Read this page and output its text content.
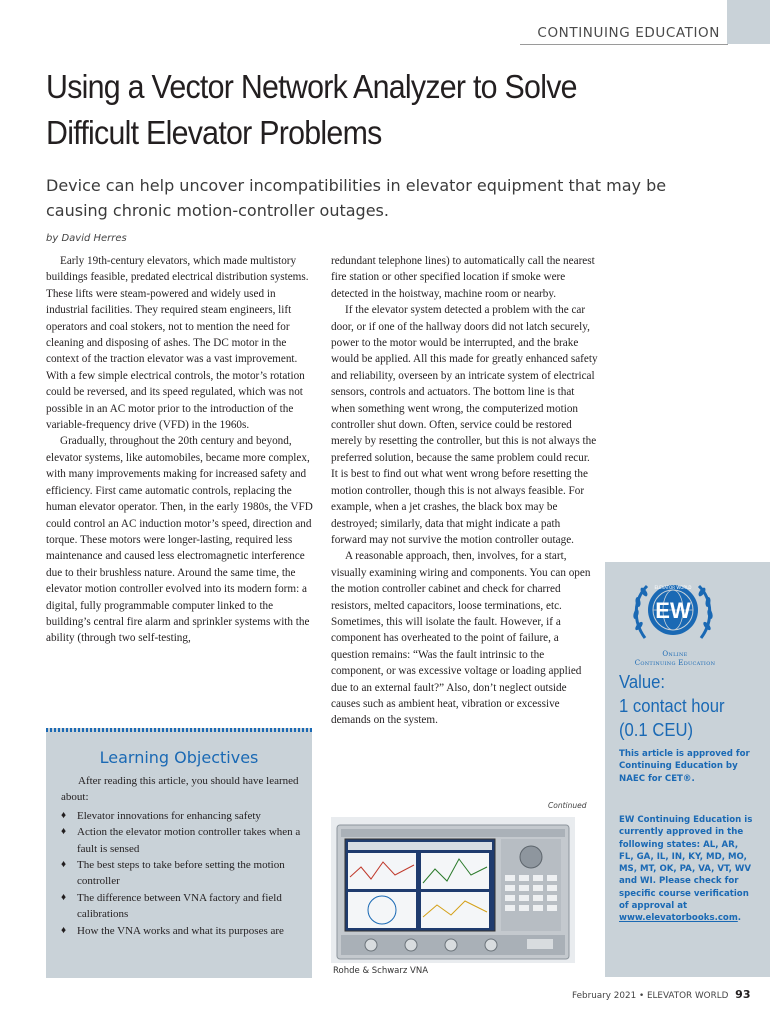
CONTINUING EDUCATION
Using a Vector Network Analyzer to Solve Difficult Elevator Problems
Device can help uncover incompatibilities in elevator equipment that may be causing chronic motion-controller outages.
by David Herres

Early 19th-century elevators, which made multistory buildings feasible, predated electrical distribution systems. These lifts were steam-powered and widely used in industrial facilities. They required steam engineers, lift operators and coal stokers, not to mention the need for cleaning and disposing of ashes. The DC motor in the context of the traction elevator was a vast improvement. With a few simple electrical controls, the motor’s rotation could be reversed, and its speed regulated, which was not possible in an AC motor prior to the introduction of the variable-frequency drive (VFD) in the 1960s.

Gradually, throughout the 20th century and beyond, elevator systems, like automobiles, became more complex, with many improvements making for increased safety and efficiency. First came automatic controls, replacing the human elevator operator. Then, in the early 1980s, the VFD could control an AC induction motor’s speed, direction and torque. These motors were longer-lasting, required less maintenance and caused less electromagnetic interference due to their brushless nature. Around the same time, the elevator motion controller evolved into its modern form: a digital, fully programmable computer linked to the building’s central fire alarm and sprinkler systems with the ability (through two self-testing,

redundant telephone lines) to automatically call the nearest fire station or other specified location if smoke were detected in the hoistway, machine room or nearby.

If the elevator system detected a problem with the car door, or if one of the hallway doors did not latch securely, power to the motor would be interrupted, and the brake would be applied. All this made for greatly enhanced safety and reliability, overseen by an intricate system of electrical sensors, controls and actuators. The bottom line is that when something went wrong, the computerized motion controller shut down. Often, service could be restored merely by resetting the controller, but this is not always the preferred solution, because the same problem could recur. It is best to find out what went wrong before resetting the motion controller, though this is not always feasible. For example, when a jet crashes, the black box may be destroyed; similarly, data that might indicate a path forward may not survive the motion controller outage.

A reasonable approach, then, involves, for a start, visually examining wiring and components. You can open the motion controller cabinet and check for charred resistors, melted capacitors, loose terminations, etc. Sometimes, this will isolate the fault. However, if a component has overheated to the point of failure, a question remains: “Was the fault intrinsic to the component, or was excessive voltage or loading applied due to an external fault?” Also, don’t neglect outside causes such as ambient heat, vibration or excessive demands on the system.

Continued
Learning Objectives

After reading this article, you should have learned about:

♦ Elevator innovations for enhancing safety
♦ Action the elevator motion controller takes when a fault is sensed
♦ The best steps to take before setting the motion controller
♦ The difference between VNA factory and field calibrations
♦ How the VNA works and what its purposes are
Rohde & Schwarz VNA
EW
ELEVATOR WORLD
Online
Continuing Education
Value:
1 contact hour
(0.1 CEU)
This article is approved for Continuing Education by NAEC for CET®.
EW Continuing Education is currently approved in the following states: AL, AR, FL, GA, IL, IN, KY, MD, MO, MS, MT, OK, PA, VA, VT, WV and WI. Please check for specific course verification of approval at www.elevatorbooks.com.
February 2021 • ELEVATOR WORLD 93
